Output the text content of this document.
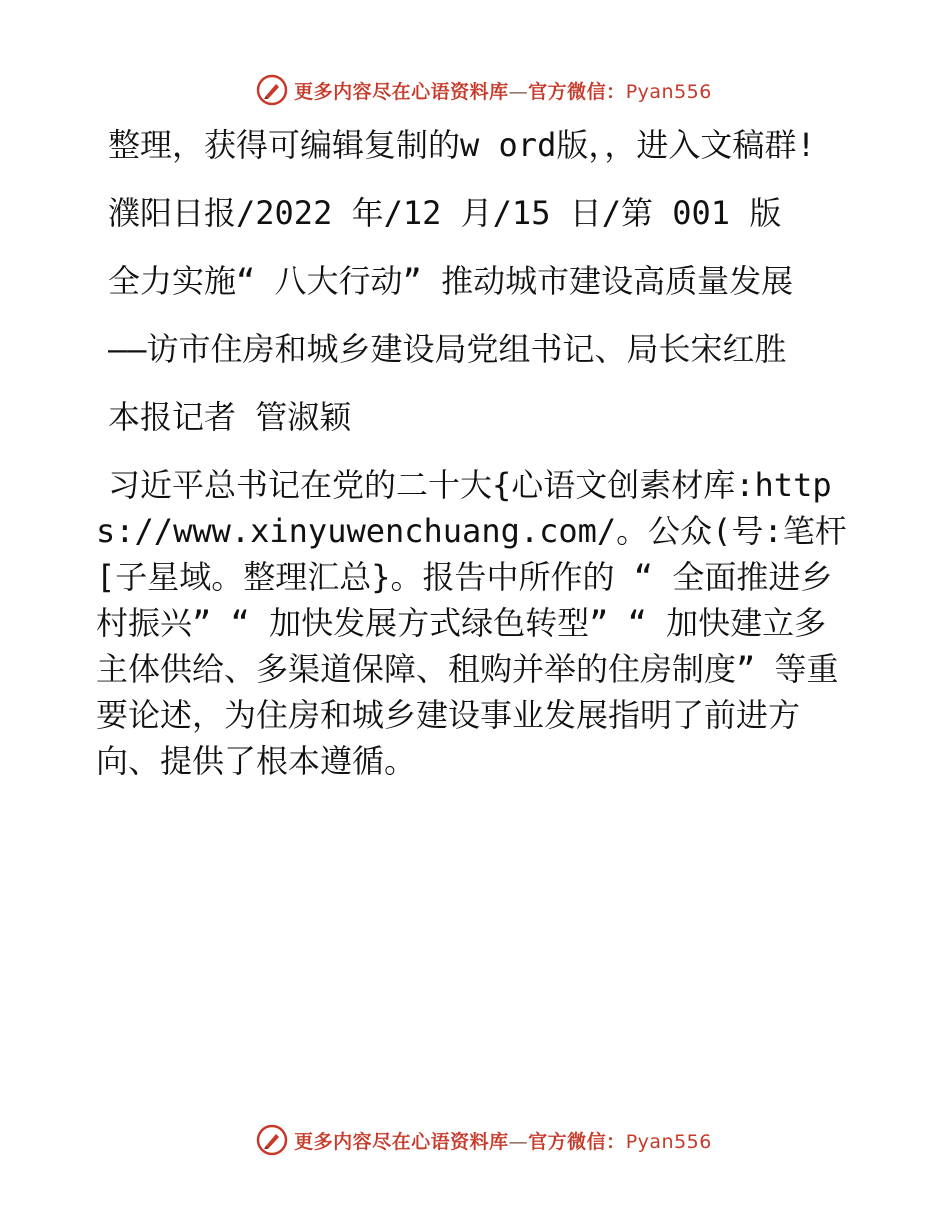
更多内容尽在心语资料库—官方微信：Pyan556

整理，获得可编辑复制的w ord版，，进入文稿群!

濮阳日报/2022 年/12 月/15 日/第 001 版

全力实施“ 八大行动” 推动城市建设高质量发展

——访市住房和城乡建设局党组书记、局长宋红胜

本报记者 管淑颖

习近平总书记在党的二十大{心语文创素材库:https://www.xinyuwenchuang.com/。公众(号:笔杆[子星域。整理汇总}。报告中所作的 “ 全面推进乡村振兴” “ 加快发展方式绿色转型” “ 加快建立多主体供给、多渠道保障、租购并举的住房制度” 等重要论述，为住房和城乡建设事业发展指明了前进方向、提供了根本遵循。

更多内容尽在心语资料库—官方微信：Pyan556
